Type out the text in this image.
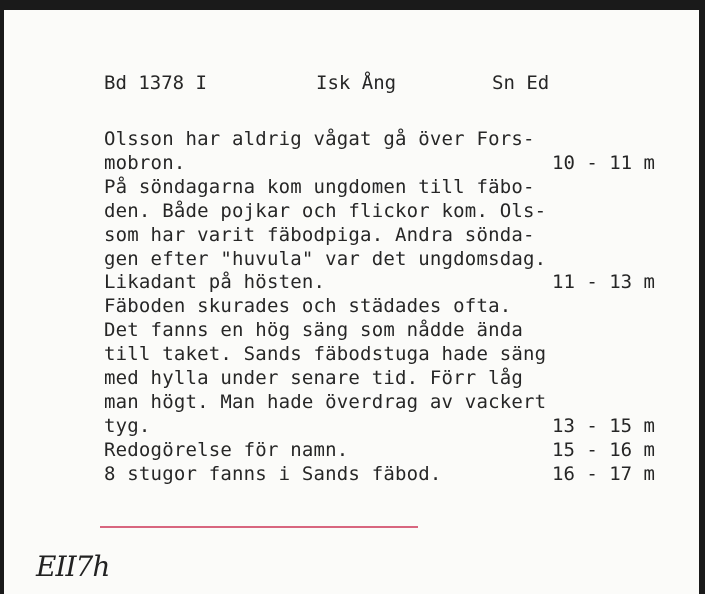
Bd 1378 I	Isk Ång	Sn Ed
Olsson har aldrig vågat gå över Fors-
mobron.	10 - 11 m
På söndagarna kom ungdomen till fäbo-
den. Både pojkar och flickor kom. Ols-
som har varit fäbodpiga. Andra sönda-
gen efter "huvula" var det ungdomsdag.
Likadant på hösten.	11 - 13 m
Fäboden skurades och städades ofta.
Det fanns en hög säng som nådde ända
till taket. Sands fäbodstuga hade säng
med hylla under senare tid. Förr låg
man högt. Man hade överdrag av vackert
tyg.	13 - 15 m
Redogörelse för namn.	15 - 16 m
8 stugor fanns i Sands fäbod.	16 - 17 m
EII7h
